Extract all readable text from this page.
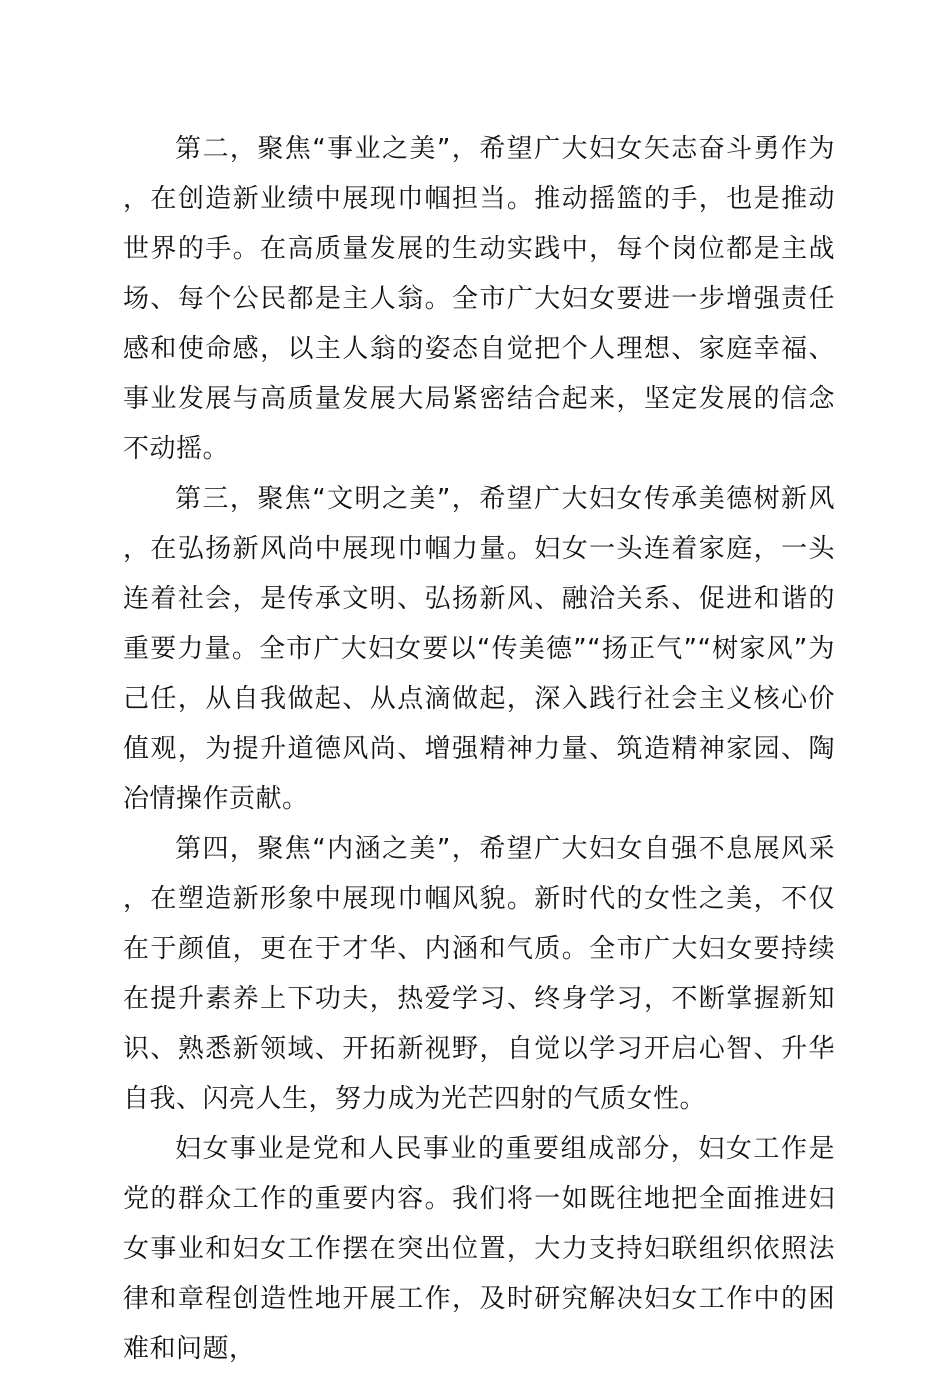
第二，聚焦“事业之美”，希望广大妇女矢志奋斗勇作为，在创造新业绩中展现巾帼担当。推动摇篮的手，也是推动世界的手。在高质量发展的生动实践中，每个岗位都是主战场、每个公民都是主人翁。全市广大妇女要进一步增强责任感和使命感，以主人翁的姿态自觉把个人理想、家庭幸福、事业发展与高质量发展大局紧密结合起来，坚定发展的信念不动摇。

第三，聚焦“文明之美”，希望广大妇女传承美德树新风，在弘扬新风尚中展现巾帼力量。妇女一头连着家庭，一头连着社会，是传承文明、弘扬新风、融洽关系、促进和谐的重要力量。全市广大妇女要以“传美德”“扬正气”“树家风”为己任，从自我做起、从点滴做起，深入践行社会主义核心价值观，为提升道德风尚、增强精神力量、筑造精神家园、陶冶情操作贡献。

第四，聚焦“内涵之美”，希望广大妇女自强不息展风采，在塑造新形象中展现巾帼风貌。新时代的女性之美，不仅在于颜值，更在于才华、内涵和气质。全市广大妇女要持续在提升素养上下功夫，热爱学习、终身学习，不断掌握新知识、熟悉新领域、开拓新视野，自觉以学习开启心智、升华自我、闪亮人生，努力成为光芒四射的气质女性。

妇女事业是党和人民事业的重要组成部分，妇女工作是党的群众工作的重要内容。我们将一如既往地把全面推进妇女事业和妇女工作摆在突出位置，大力支持妇联组织依照法律和章程创造性地开展工作，及时研究解决妇女工作中的困难和问题，
